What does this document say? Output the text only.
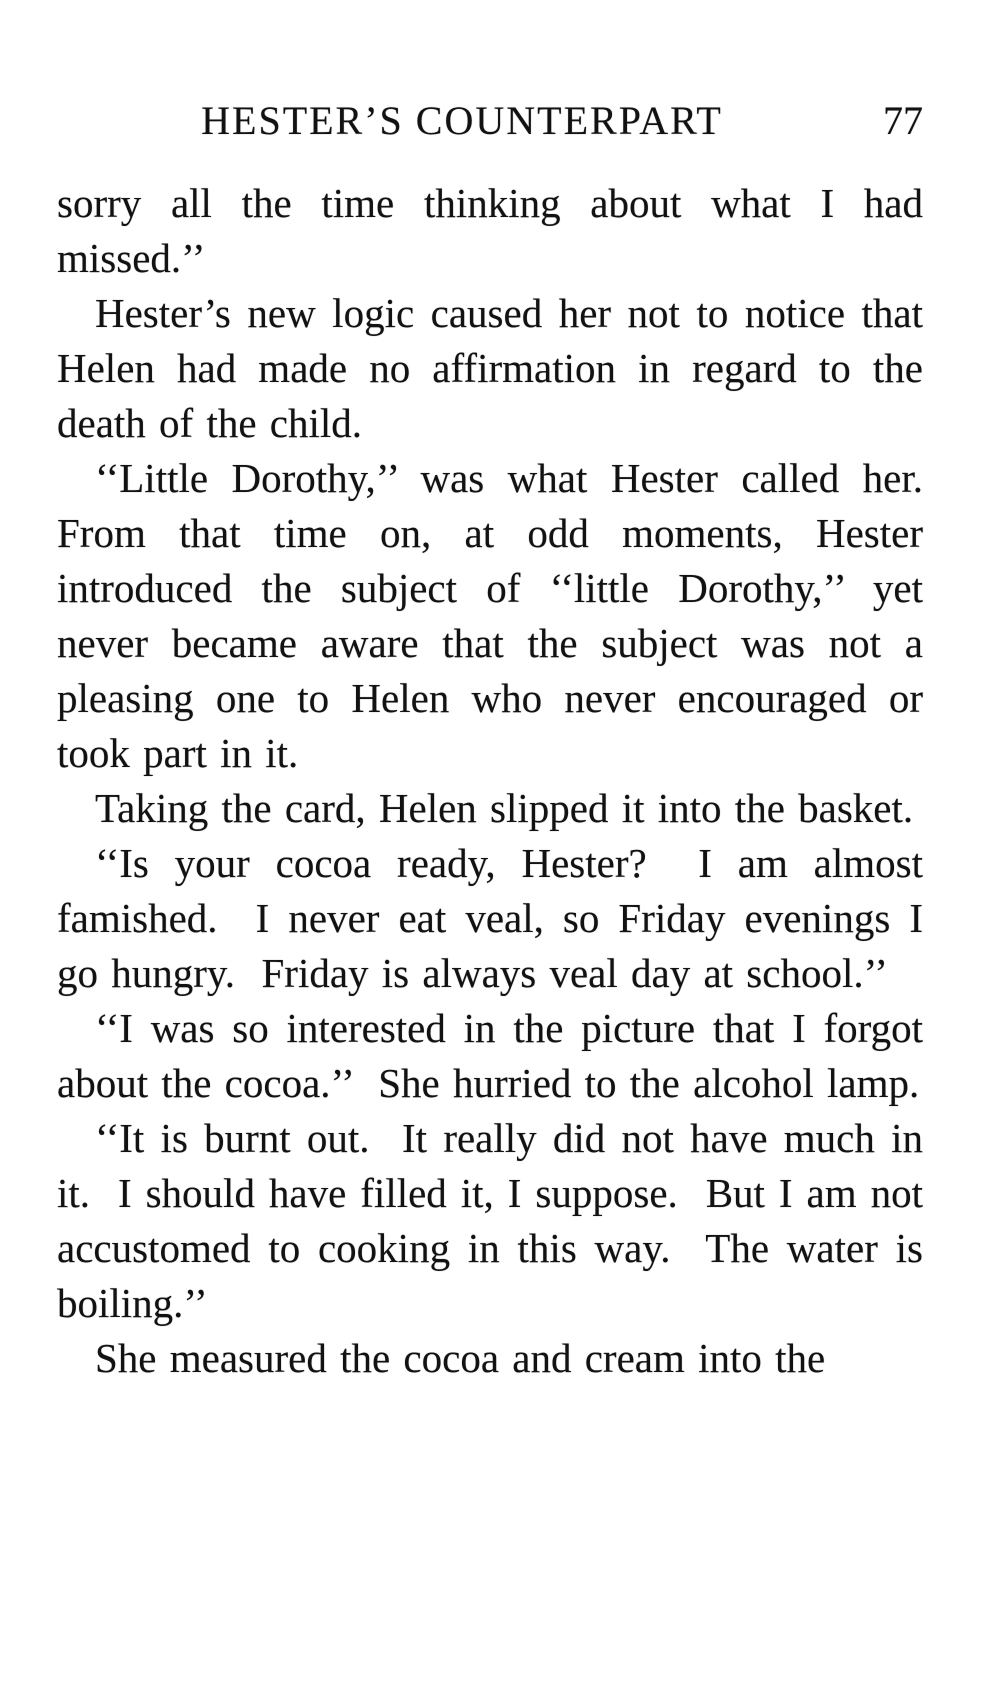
HESTER’S COUNTERPART	77

sorry all the time thinking about what I had missed.’’

Hester’s new logic caused her not to notice that Helen had made no affirmation in regard to the death of the child.

‘‘Little Dorothy,’’ was what Hester called her.  From that time on, at odd moments, Hester introduced the subject of ‘‘little Dorothy,’’ yet never became aware that the subject was not a pleasing one to Helen who never encouraged or took part in it.

Taking the card, Helen slipped it into the basket.

‘‘Is your cocoa ready, Hester?  I am almost famished.  I never eat veal, so Friday evenings I go hungry.  Friday is always veal day at school.’’

‘‘I was so interested in the picture that I forgot about the cocoa.’’  She hurried to the alcohol lamp.

‘‘It is burnt out.  It really did not have much in it.  I should have filled it, I suppose.  But I am not accustomed to cooking in this way.  The water is boiling.’’

She measured the cocoa and cream into the
